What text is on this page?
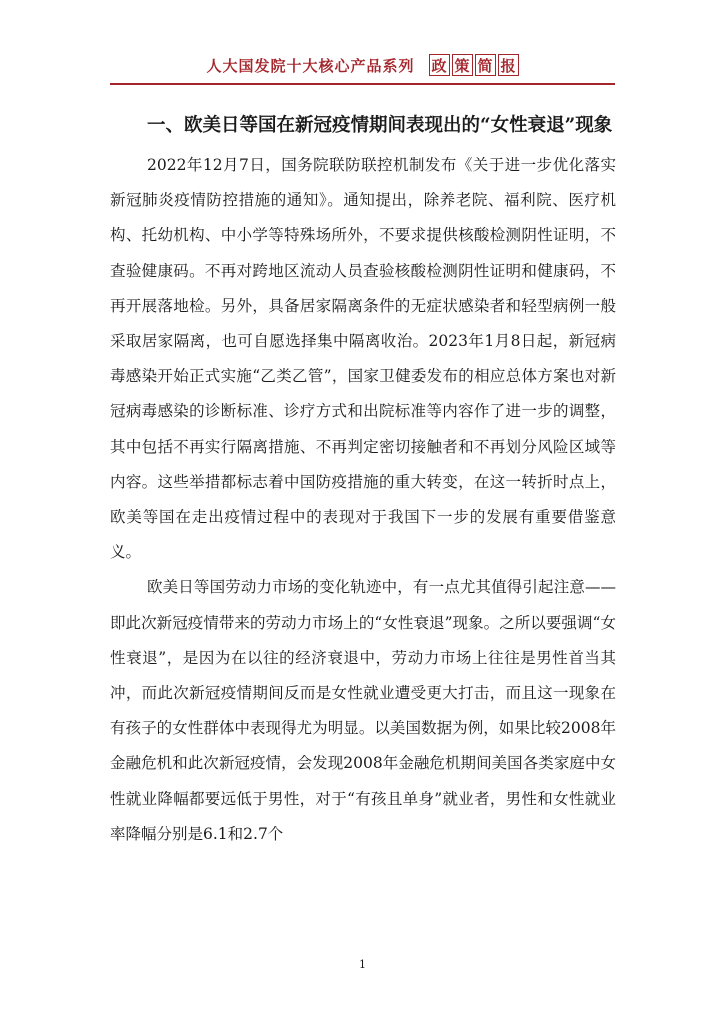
人大国发院十大核心产品系列 政 策 简 报
一、欧美日等国在新冠疫情期间表现出的“女性衰退”现象

2022年12月7日，国务院联防联控机制发布《关于进一步优化落实新冠肺炎疫情防控措施的通知》。通知提出，除养老院、福利院、医疗机构、托幼机构、中小学等特殊场所外，不要求提供核酸检测阴性证明，不查验健康码。不再对跨地区流动人员查验核酸检测阴性证明和健康码，不再开展落地检。另外，具备居家隔离条件的无症状感染者和轻型病例一般采取居家隔离，也可自愿选择集中隔离收治。2023年1月8日起，新冠病毒感染开始正式实施“乙类乙管”，国家卫健委发布的相应总体方案也对新冠病毒感染的诊断标准、诊疗方式和出院标准等内容作了进一步的调整，其中包括不再实行隔离措施、不再判定密切接触者和不再划分风险区域等内容。这些举措都标志着中国防疫措施的重大转变，在这一转折时点上，欧美等国在走出疫情过程中的表现对于我国下一步的发展有重要借鉴意义。

欧美日等国劳动力市场的变化轨迹中，有一点尤其值得引起注意——即此次新冠疫情带来的劳动力市场上的“女性衰退”现象。之所以要强调“女性衰退”，是因为在以往的经济衰退中，劳动力市场上往往是男性首当其冲，而此次新冠疫情期间反而是女性就业遭受更大打击，而且这一现象在有孩子的女性群体中表现得尤为明显。以美国数据为例，如果比较2008年金融危机和此次新冠疫情，会发现2008年金融危机期间美国各类家庭中女性就业降幅都要远低于男性，对于“有孩且单身”就业者，男性和女性就业率降幅分别是6.1和2.7个

1
